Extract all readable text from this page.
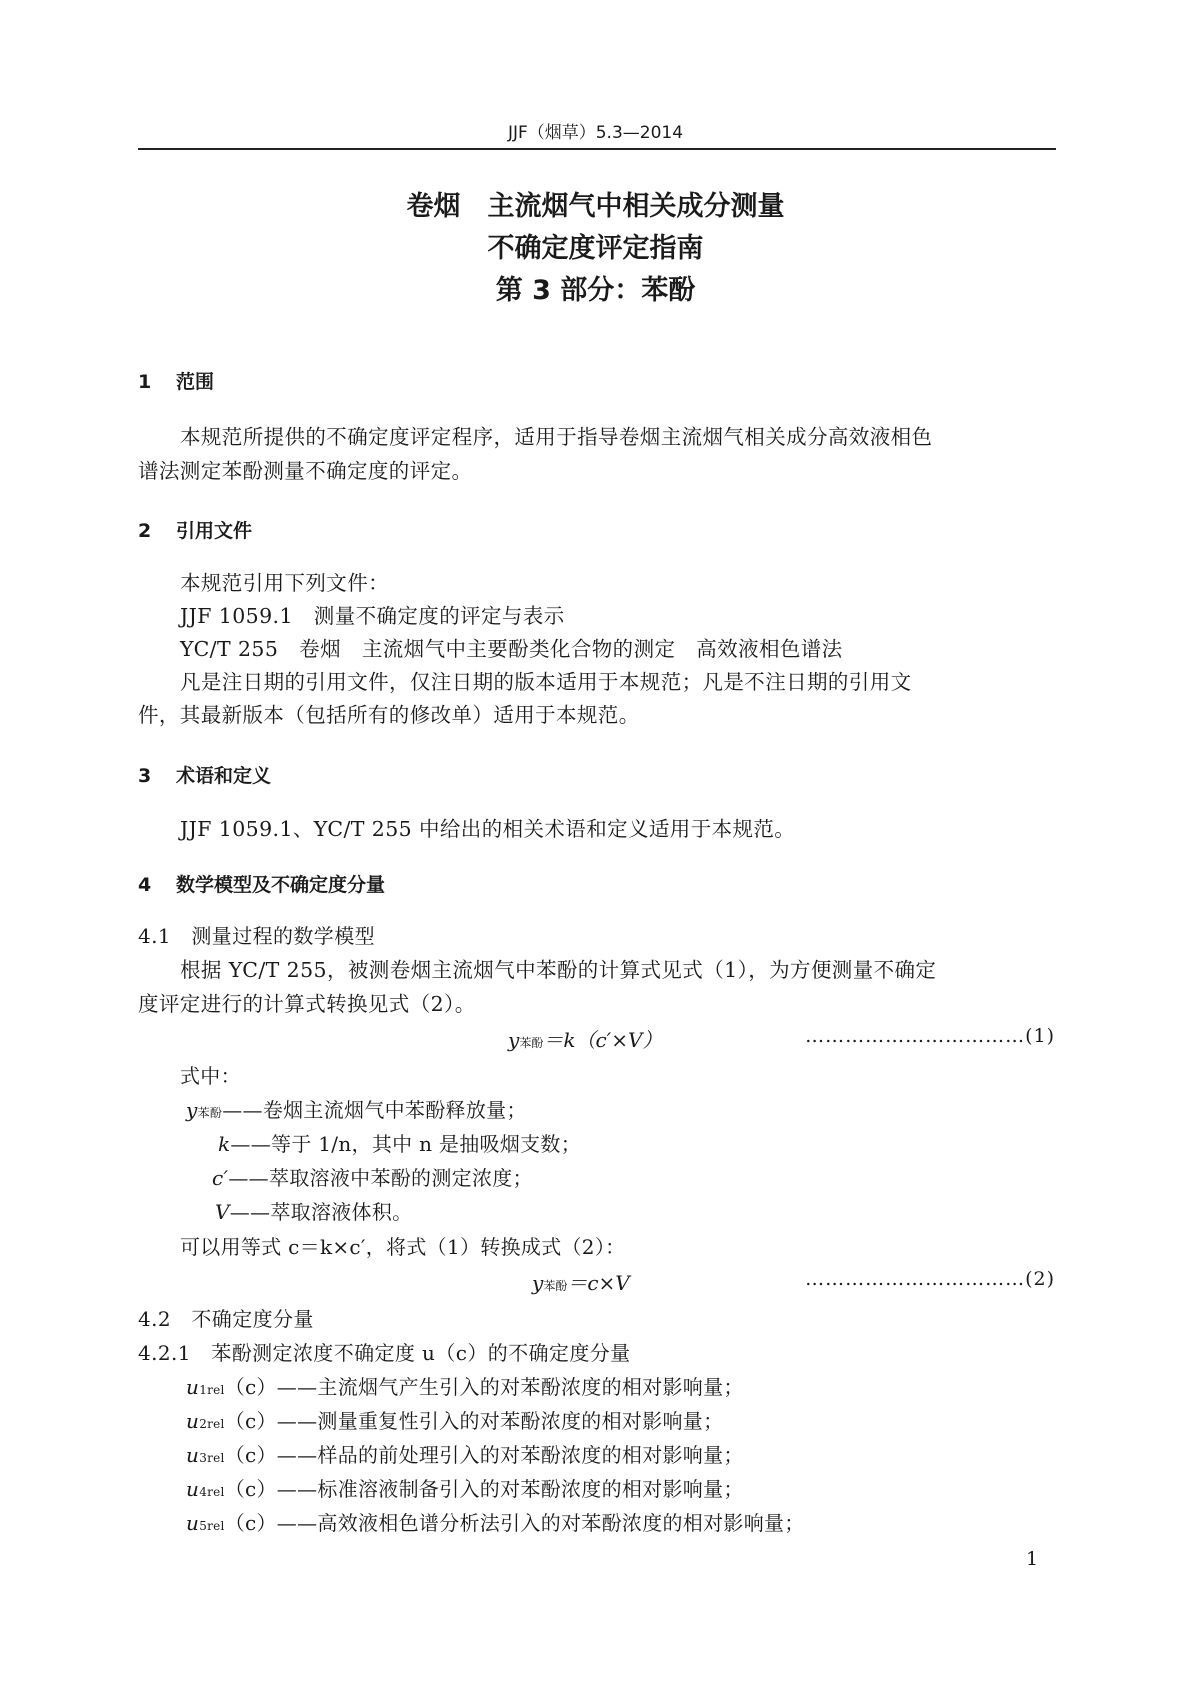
JJF（烟草）5.3—2014
卷烟　主流烟气中相关成分测量
不确定度评定指南
第 3 部分：苯酚
1 范围
本规范所提供的不确定度评定程序，适用于指导卷烟主流烟气相关成分高效液相色
谱法测定苯酚测量不确定度的评定。
2 引用文件
本规范引用下列文件：
JJF 1059.1　测量不确定度的评定与表示
YC/T 255　卷烟　主流烟气中主要酚类化合物的测定　高效液相色谱法
凡是注日期的引用文件，仅注日期的版本适用于本规范；凡是不注日期的引用文
件，其最新版本（包括所有的修改单）适用于本规范。
3 术语和定义
JJF 1059.1、YC/T 255 中给出的相关术语和定义适用于本规范。
4 数学模型及不确定度分量
4.1　测量过程的数学模型
根据 YC/T 255，被测卷烟主流烟气中苯酚的计算式见式（1），为方便测量不确定
度评定进行的计算式转换见式（2）。
y苯酚＝k（c′×V）	……………………………(1)
式中：
y苯酚——卷烟主流烟气中苯酚释放量；
k——等于 1/n，其中 n 是抽吸烟支数；
c′——萃取溶液中苯酚的测定浓度；
V——萃取溶液体积。
可以用等式 c＝k×c′，将式（1）转换成式（2）：
y苯酚＝c×V	……………………………(2)
4.2　不确定度分量
4.2.1　苯酚测定浓度不确定度 u（c）的不确定度分量
u1rel（c）——主流烟气产生引入的对苯酚浓度的相对影响量；
u2rel（c）——测量重复性引入的对苯酚浓度的相对影响量；
u3rel（c）——样品的前处理引入的对苯酚浓度的相对影响量；
u4rel（c）——标准溶液制备引入的对苯酚浓度的相对影响量；
u5rel（c）——高效液相色谱分析法引入的对苯酚浓度的相对影响量；
1
